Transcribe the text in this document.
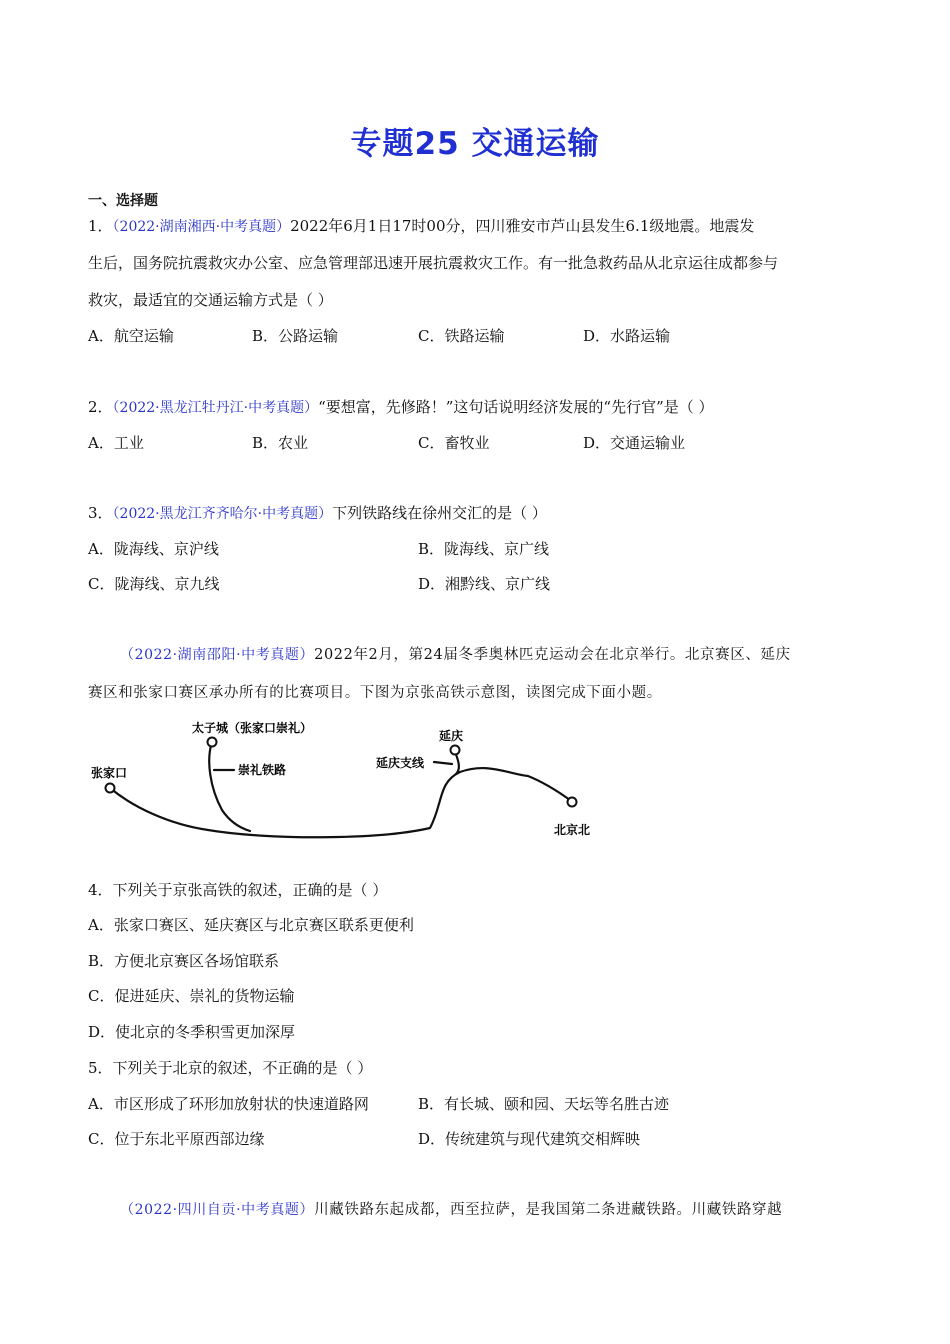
专题25 交通运输
一、选择题
1．（2022·湖南湘西·中考真题）2022年6月1日17时00分，四川雅安市芦山县发生6.1级地震。地震发
生后，国务院抗震救灾办公室、应急管理部迅速开展抗震救灾工作。有一批急救药品从北京运往成都参与
救灾，最适宜的交通运输方式是（ ）
A．航空运输	B．公路运输	C．铁路运输	D．水路运输
2．（2022·黑龙江牡丹江·中考真题）“要想富，先修路！”这句话说明经济发展的“先行官”是（ ）
A．工业	B．农业	C．畜牧业	D．交通运输业
3．（2022·黑龙江齐齐哈尔·中考真题）下列铁路线在徐州交汇的是（ ）
A．陇海线、京沪线	B．陇海线、京广线
C．陇海线、京九线	D．湘黔线、京广线
（2022·湖南邵阳·中考真题）2022年2月，第24届冬季奥林匹克运动会在北京举行。北京赛区、延庆
赛区和张家口赛区承办所有的比赛项目。下图为京张高铁示意图，读图完成下面小题。
太子城（张家口崇礼）
张家口	崇礼铁路
延庆
延庆支线
北京北
4．下列关于京张高铁的叙述，正确的是（ ）
A．张家口赛区、延庆赛区与北京赛区联系更便利
B．方便北京赛区各场馆联系
C．促进延庆、崇礼的货物运输
D．使北京的冬季积雪更加深厚
5．下列关于北京的叙述，不正确的是（ ）
A．市区形成了环形加放射状的快速道路网	B．有长城、颐和园、天坛等名胜古迹
C．位于东北平原西部边缘	D．传统建筑与现代建筑交相辉映
（2022·四川自贡·中考真题）川藏铁路东起成都，西至拉萨，是我国第二条进藏铁路。川藏铁路穿越
